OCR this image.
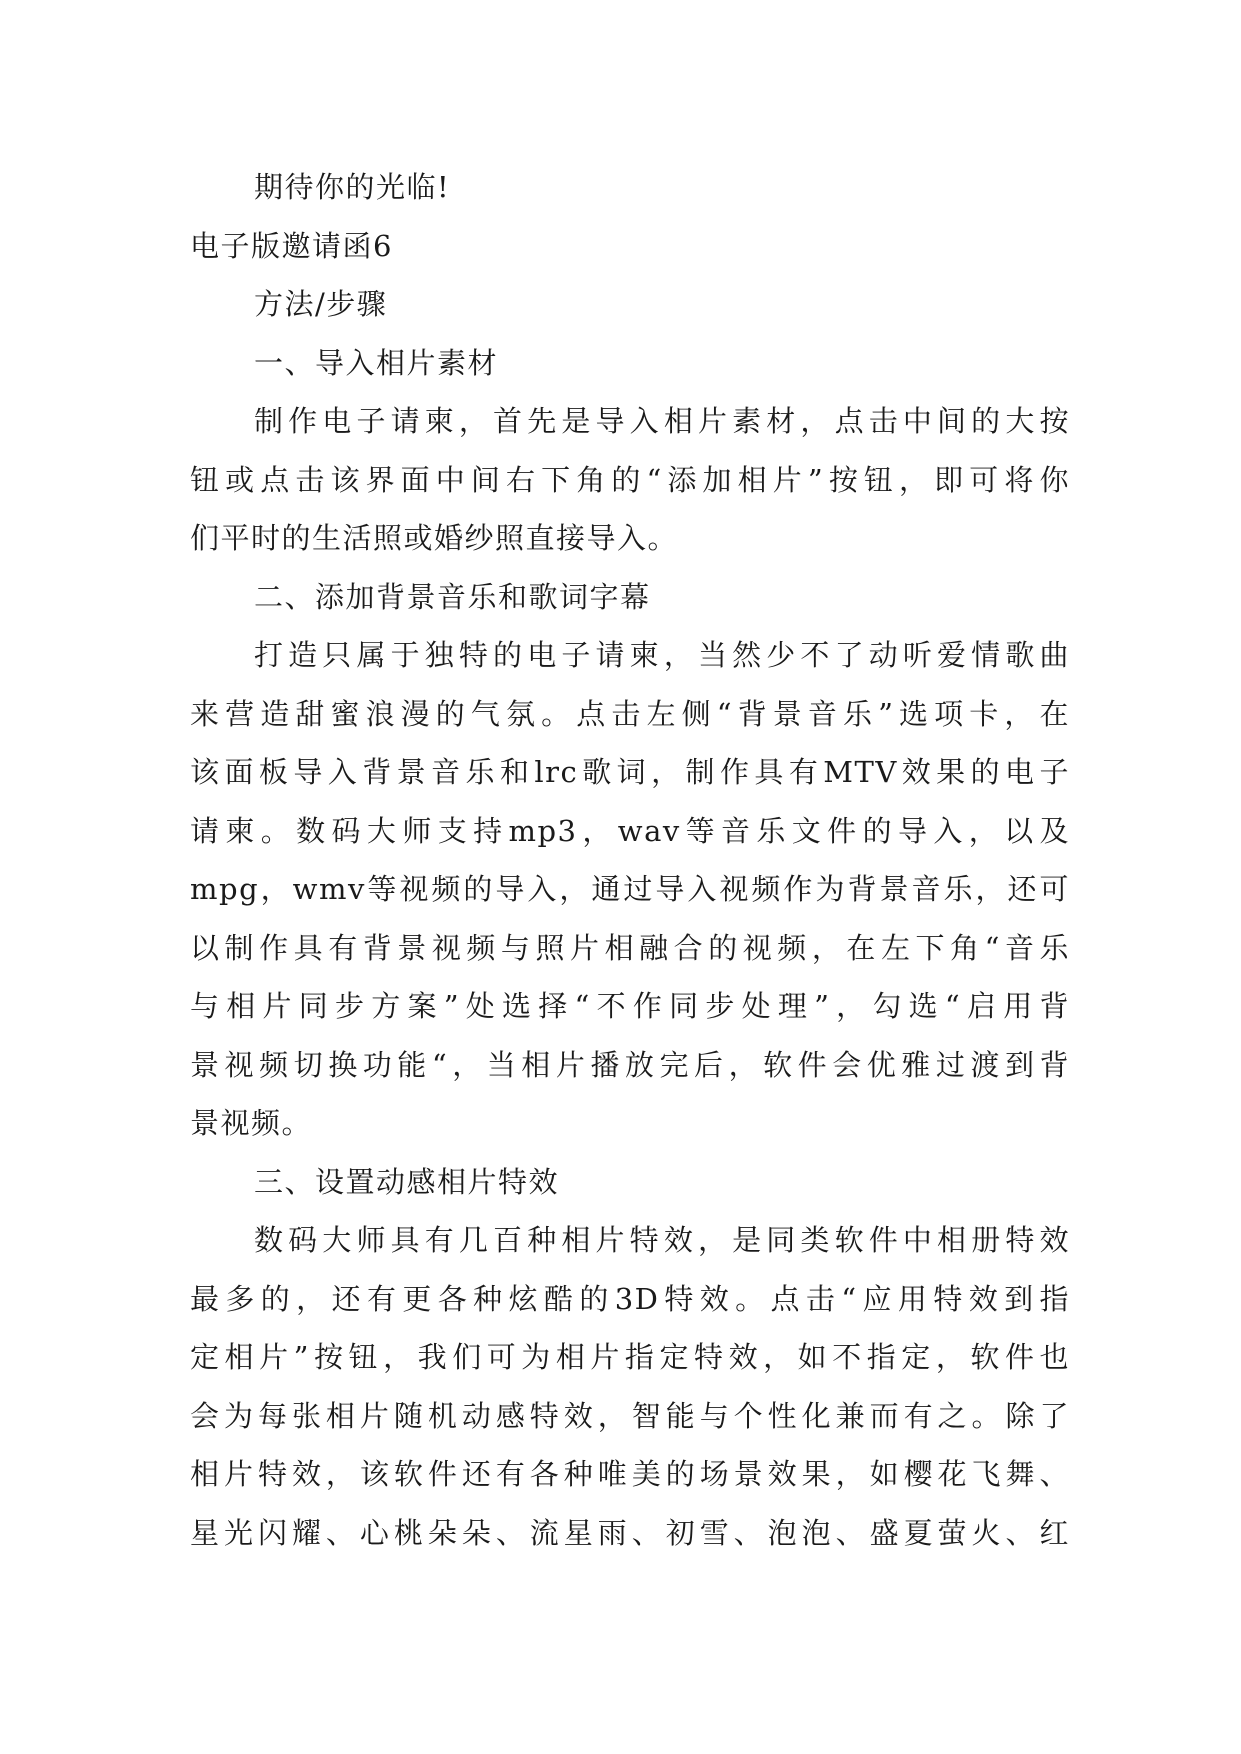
期待你的光临!
电子版邀请函6
方法/步骤
一、导入相片素材
制作电子请柬，首先是导入相片素材，点击中间的大按
钮或点击该界面中间右下角的“添加相片”按钮，即可将你
们平时的生活照或婚纱照直接导入。
二、添加背景音乐和歌词字幕
打造只属于独特的电子请柬，当然少不了动听爱情歌曲
来营造甜蜜浪漫的气氛。点击左侧“背景音乐”选项卡，在
该面板导入背景音乐和lrc歌词，制作具有MTV效果的电子
请柬。数码大师支持mp3，wav等音乐文件的导入，以及
mpg，wmv等视频的导入，通过导入视频作为背景音乐，还可
以制作具有背景视频与照片相融合的视频，在左下角“音乐
与相片同步方案”处选择“不作同步处理”，勾选“启用背
景视频切换功能“，当相片播放完后，软件会优雅过渡到背
景视频。
三、设置动感相片特效
数码大师具有几百种相片特效，是同类软件中相册特效
最多的，还有更各种炫酷的3D特效。点击“应用特效到指
定相片”按钮，我们可为相片指定特效，如不指定，软件也
会为每张相片随机动感特效，智能与个性化兼而有之。除了
相片特效，该软件还有各种唯美的场景效果，如樱花飞舞、
星光闪耀、心桃朵朵、流星雨、初雪、泡泡、盛夏萤火、红
